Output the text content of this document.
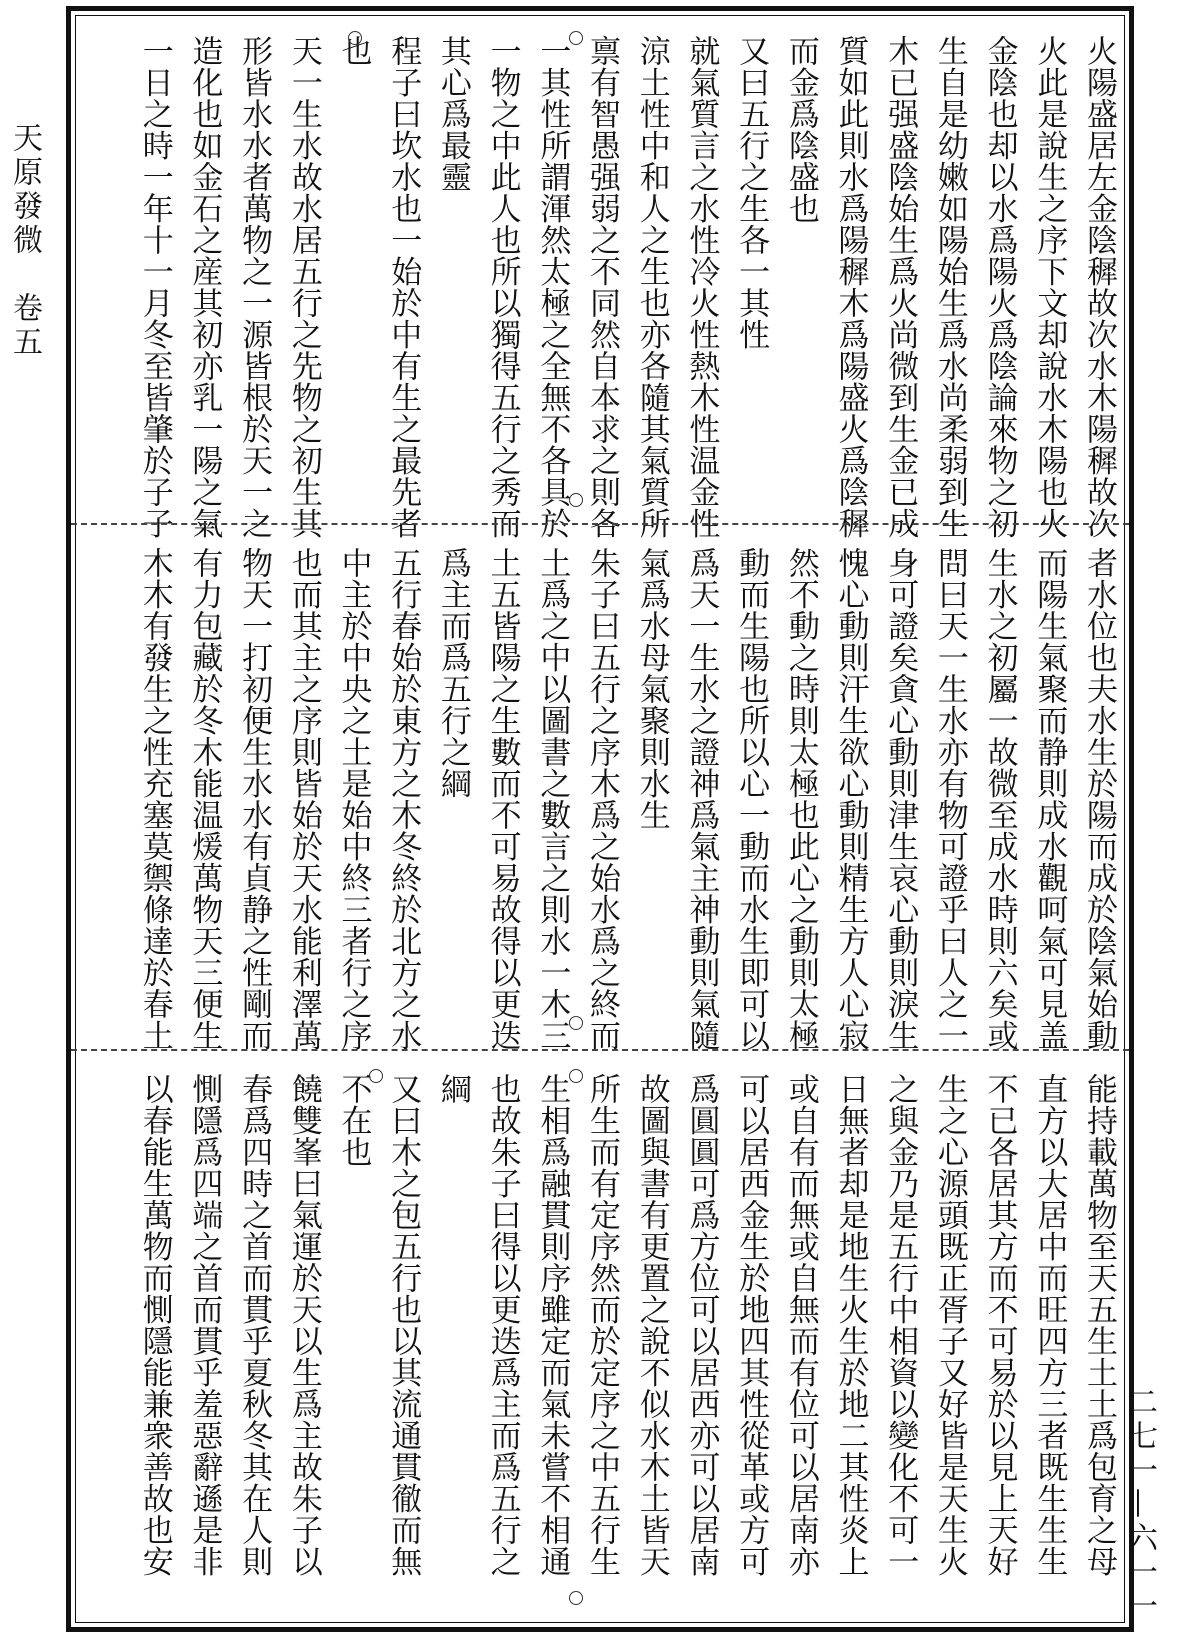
天原發微　卷五
二七一—六一一
火陽盛居左金陰穉故次水木陽穉故次
火此是說生之序下文却說水木陽也火
金陰也却以水爲陽火爲陰論來物之初
生自是幼嫩如陽始生爲水尚柔弱到生
木已强盛陰始生爲火尚微到生金已成
質如此則水爲陽穉木爲陽盛火爲陰穉
而金爲陰盛也
又曰五行之生各一其性
就氣質言之水性冷火性熱木性温金性
涼土性中和人之生也亦各隨其氣質所
禀有智愚强弱之不同然自本求之則各
一其性所謂渾然太極之全無不各具於
一物之中此人也所以獨得五行之秀而
其心爲最靈
程子曰坎水也一始於中有生之最先者
也
天一生水故水居五行之先物之初生其
形皆水水者萬物之一源皆根於天一之
造化也如金石之産其初亦乳一陽之氣
一日之時一年十一月冬至皆肇於子子
者水位也夫水生於陽而成於陰氣始動
而陽生氣聚而静則成水觀呵氣可見盖
生水之初屬一故微至成水時則六矣或
問曰天一生水亦有物可證乎曰人之一
身可證矣貪心動則津生哀心動則淚生
愧心動則汗生欲心動則精生方人心寂
然不動之時則太極也此心之動則太極
動而生陽也所以心一動而水生即可以
爲天一生水之證神爲氣主神動則氣隨
氣爲水母氣聚則水生
朱子曰五行之序木爲之始水爲之終而
土爲之中以圖書之數言之則水一木三
土五皆陽之生數而不可易故得以更迭
爲主而爲五行之綱
五行春始於東方之木冬終於北方之水
中主於中央之土是始中終三者行之序
也而其主之序則皆始於天水能利澤萬
物天一打初便生水水有貞静之性剛而
有力包藏於冬木能温煖萬物天三便生
木木有發生之性充塞莫禦條達於春土
能持載萬物至天五生土土爲包育之母
直方以大居中而旺四方三者既生生生
不已各居其方而不可易於以見上天好
生之心源頭既正胥子又好皆是天生火
之與金乃是五行中相資以變化不可一
日無者却是地生火生於地二其性炎上
或自有而無或自無而有位可以居南亦
可以居西金生於地四其性從革或方可
爲圓圓可爲方位可以居西亦可以居南
故圖與書有更置之說不似水木土皆天
所生而有定序然而於定序之中五行生
生相爲融貫則序雖定而氣未嘗不相通
也故朱子曰得以更迭爲主而爲五行之
綱
又曰木之包五行也以其流通貫徹而無
不在也
饒雙峯曰氣運於天以生爲主故朱子以
春爲四時之首而貫乎夏秋冬其在人則
惻隱爲四端之首而貫乎羞惡辭遜是非
以春能生萬物而惻隱能兼衆善故也安
